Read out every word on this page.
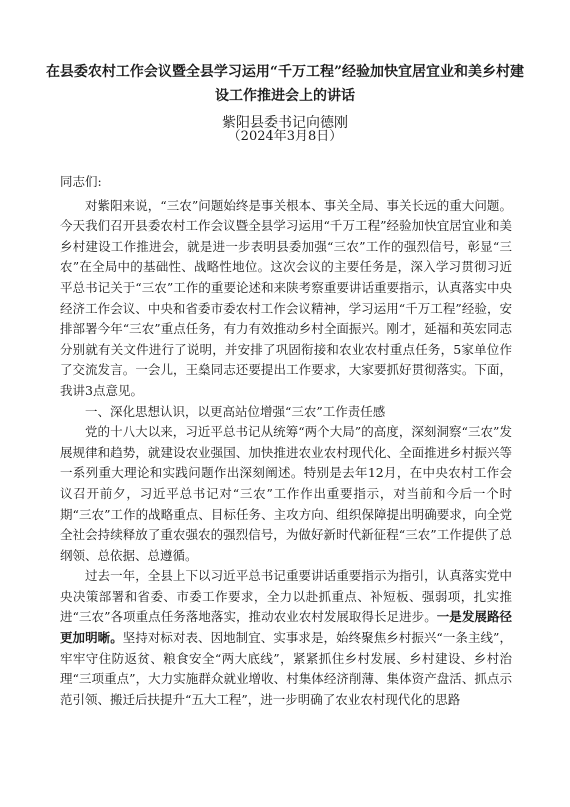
在县委农村工作会议暨全县学习运用“千万工程”经验加快宜居宜业和美乡村建设工作推进会上的讲话
紫阳县委书记向德刚
（2024年3月8日）

同志们:

对紫阳来说，“三农”问题始终是事关根本、事关全局、事关长远的重大问题。今天我们召开县委农村工作会议暨全县学习运用“千万工程”经验加快宜居宜业和美乡村建设工作推进会，就是进一步表明县委加强“三农”工作的强烈信号，彰显“三农”在全局中的基础性、战略性地位。这次会议的主要任务是，深入学习贯彻习近平总书记关于“三农”工作的重要论述和来陕考察重要讲话重要指示，认真落实中央经济工作会议、中央和省委市委农村工作会议精神，学习运用“千万工程”经验，安排部署今年“三农”重点任务，有力有效推动乡村全面振兴。刚才，延福和英宏同志分别就有关文件进行了说明，并安排了巩固衔接和农业农村重点任务，5家单位作了交流发言。一会儿，王燊同志还要提出工作要求，大家要抓好贯彻落实。下面，我讲3点意见。

一、深化思想认识，以更高站位增强“三农”工作责任感

党的十八大以来，习近平总书记从统筹“两个大局”的高度，深刻洞察“三农”发展规律和趋势，就建设农业强国、加快推进农业农村现代化、全面推进乡村振兴等一系列重大理论和实践问题作出深刻阐述。特别是去年12月，在中央农村工作会议召开前夕，习近平总书记对“三农”工作作出重要指示，对当前和今后一个时期“三农”工作的战略重点、目标任务、主攻方向、组织保障提出明确要求，向全党全社会持续释放了重农强农的强烈信号，为做好新时代新征程“三农”工作提供了总纲领、总依据、总遵循。

过去一年，全县上下以习近平总书记重要讲话重要指示为指引，认真落实党中央决策部署和省委、市委工作要求，全力以赴抓重点、补短板、强弱项，扎实推进“三农”各项重点任务落地落实，推动农业农村发展取得长足进步。一是发展路径更加明晰。坚持对标对表、因地制宜、实事求是，始终聚焦乡村振兴“一条主线”，牢牢守住防返贫、粮食安全“两大底线”，紧紧抓住乡村发展、乡村建设、乡村治理“三项重点”，大力实施群众就业增收、村集体经济削薄、集体资产盘活、抓点示范引领、搬迁后扶提升“五大工程”，进一步明确了农业农村现代化的思路
